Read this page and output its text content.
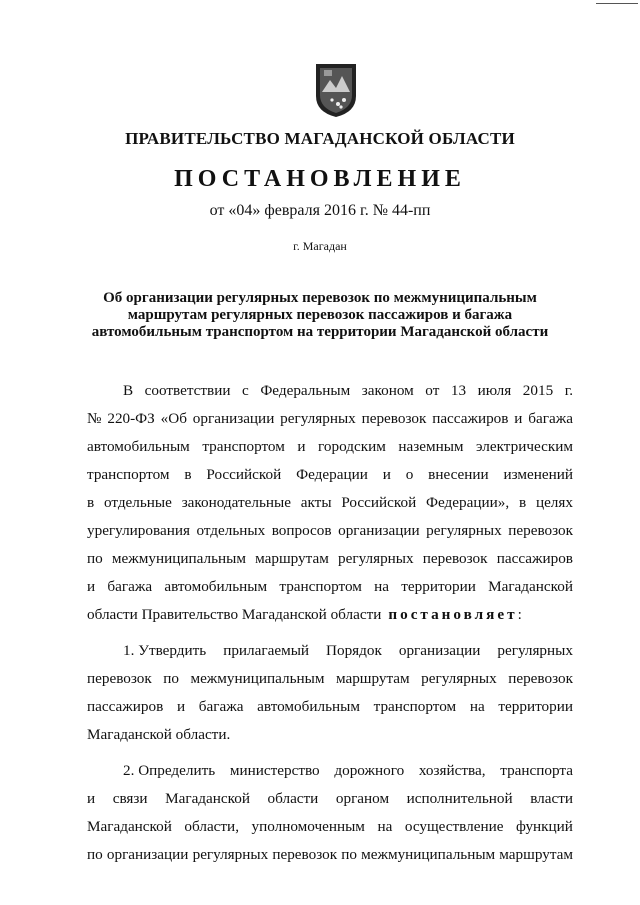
ПРАВИТЕЛЬСТВО МАГАДАНСКОЙ ОБЛАСТИ
ПОСТАНОВЛЕНИЕ
от «04» февраля 2016 г. № 44-пп
г. Магадан
Об организации регулярных перевозок по межмуниципальным
маршрутам регулярных перевозок пассажиров и багажа
автомобильным транспортом на территории Магаданской области
В соответствии с Федеральным законом от 13 июля 2015 г.
№ 220-ФЗ «Об организации регулярных перевозок пассажиров и багажа
автомобильным транспортом и городским наземным электрическим
транспортом в Российской Федерации и о внесении изменений
в отдельные законодательные акты Российской Федерации», в целях
урегулирования отдельных вопросов организации регулярных перевозок
по межмуниципальным маршрутам регулярных перевозок пассажиров
и багажа автомобильным транспортом на территории Магаданской
области Правительство Магаданской области постановляет :
1. Утвердить прилагаемый Порядок организации регулярных
перевозок по межмуниципальным маршрутам регулярных перевозок
пассажиров и багажа автомобильным транспортом на территории
Магаданской области.
2. Определить министерство дорожного хозяйства, транспорта
и связи Магаданской области органом исполнительной власти
Магаданской области, уполномоченным на осуществление функций
по организации регулярных перевозок по межмуниципальным маршрутам
